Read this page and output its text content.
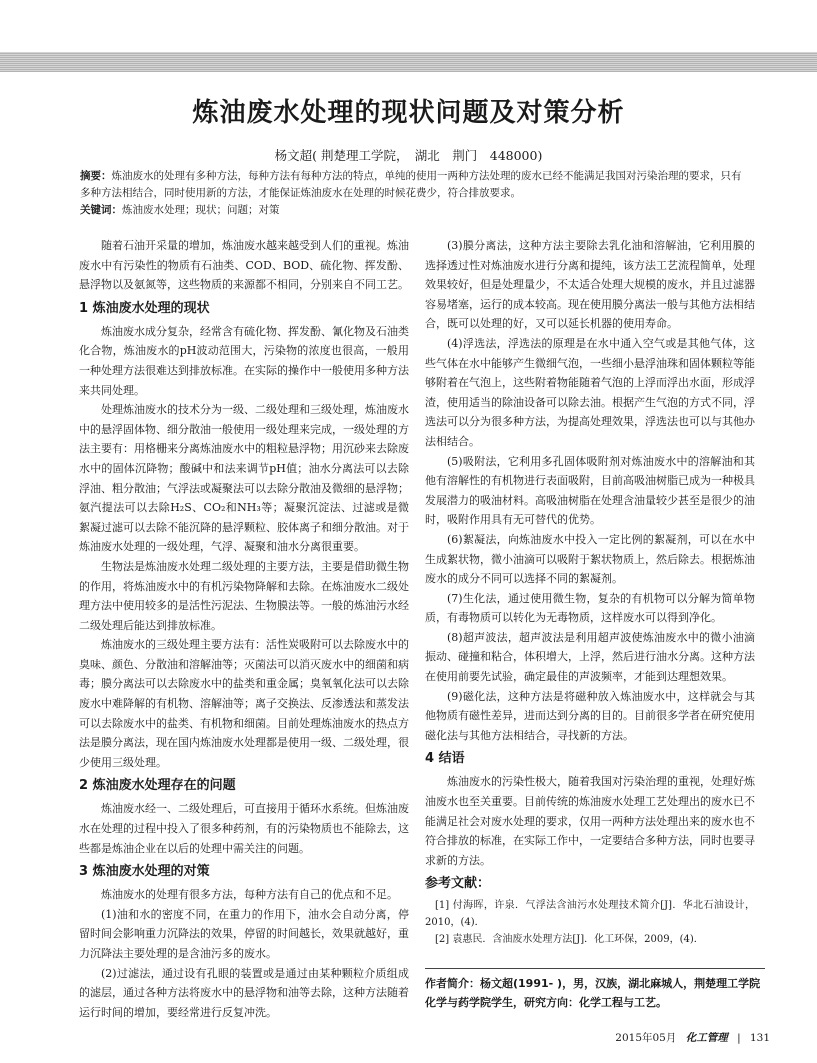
炼油废水处理的现状问题及对策分析
杨文超( 荆楚理工学院，　湖北　荆门　448000)
摘要：炼油废水的处理有多种方法，每种方法有每种方法的特点，单纯的使用一两种方法处理的废水已经不能满足我国对污染治理的要求，只有多种方法相结合，同时使用新的方法，才能保证炼油废水在处理的时候花费少，符合排放要求。
关键词：炼油废水处理；现状；问题；对策

随着石油开采量的增加，炼油废水越来越受到人们的重视。炼油废水中有污染性的物质有石油类、COD、BOD、硫化物、挥发酚、悬浮物以及氨氮等，这些物质的来源都不相同，分别来自不同工艺。

1 炼油废水处理的现状

炼油废水成分复杂，经常含有硫化物、挥发酚、氰化物及石油类化合物，炼油废水的pH波动范围大，污染物的浓度也很高，一般用一种处理方法很难达到排放标准。在实际的操作中一般使用多种方法来共同处理。

处理炼油废水的技术分为一级、二级处理和三级处理，炼油废水中的悬浮固体物、细分散油一般使用一级处理来完成，一级处理的方法主要有：用格栅来分离炼油废水中的粗粒悬浮物；用沉砂来去除废水中的固体沉降物；酸碱中和法来调节pH值；油水分离法可以去除浮油、粗分散油；气浮法或凝聚法可以去除分散油及微细的悬浮物；氨汽提法可以去除H₂S、CO₂和NH₃等；凝聚沉淀法、过滤或是微絮凝过滤可以去除不能沉降的悬浮颗粒、胶体离子和细分散油。对于炼油废水处理的一级处理，气浮、凝聚和油水分离很重要。

生物法是炼油废水处理二级处理的主要方法，主要是借助微生物的作用，将炼油废水中的有机污染物降解和去除。在炼油废水二级处理方法中使用较多的是活性污泥法、生物膜法等。一般的炼油污水经二级处理后能达到排放标准。

炼油废水的三级处理主要方法有：活性炭吸附可以去除废水中的臭味、颜色、分散油和溶解油等；灭菌法可以消灭废水中的细菌和病毒；膜分离法可以去除废水中的盐类和重金属；臭氧氧化法可以去除废水中难降解的有机物、溶解油等；离子交换法、反渗透法和蒸发法可以去除废水中的盐类、有机物和细菌。目前处理炼油废水的热点方法是膜分离法，现在国内炼油废水处理都是使用一级、二级处理，很少使用三级处理。

2 炼油废水处理存在的问题

炼油废水经一、二级处理后，可直接用于循环水系统。但炼油废水在处理的过程中投入了很多种药剂，有的污染物质也不能除去，这些都是炼油企业在以后的处理中需关注的问题。

3 炼油废水处理的对策

炼油废水的处理有很多方法，每种方法有自己的优点和不足。

(1)油和水的密度不同，在重力的作用下，油水会自动分离，停留时间会影响重力沉降法的效果，停留的时间越长，效果就越好，重力沉降法主要处理的是含油污多的废水。

(2)过滤法，通过设有孔眼的装置或是通过由某种颗粒介质组成的滤层，通过各种方法将废水中的悬浮物和油等去除，这种方法随着运行时间的增加，要经常进行反复冲洗。

(3)膜分离法，这种方法主要除去乳化油和溶解油，它利用膜的选择透过性对炼油废水进行分离和提纯，该方法工艺流程简单，处理效果较好，但是处理量少，不太适合处理大规模的废水，并且过滤器容易堵塞，运行的成本较高。现在使用膜分离法一般与其他方法相结合，既可以处理的好，又可以延长机器的使用寿命。

(4)浮选法，浮选法的原理是在水中通入空气或是其他气体，这些气体在水中能够产生微细气泡，一些细小悬浮油珠和固体颗粒等能够附着在气泡上，这些附着物能随着气泡的上浮而浮出水面，形成浮渣，使用适当的除油设备可以除去油。根据产生气泡的方式不同，浮选法可以分为很多种方法，为提高处理效果，浮选法也可以与其他办法相结合。

(5)吸附法，它利用多孔固体吸附剂对炼油废水中的溶解油和其他有溶解性的有机物进行表面吸附，目前高吸油树脂已成为一种极具发展潜力的吸油材料。高吸油树脂在处理含油量较少甚至是很少的油时，吸附作用具有无可替代的优势。

(6)絮凝法，向炼油废水中投入一定比例的絮凝剂，可以在水中生成絮状物，微小油滴可以吸附于絮状物质上，然后除去。根据炼油废水的成分不同可以选择不同的絮凝剂。

(7)生化法，通过使用微生物，复杂的有机物可以分解为简单物质，有毒物质可以转化为无毒物质，这样废水可以得到净化。

(8)超声波法，超声波法是利用超声波使炼油废水中的微小油滴振动、碰撞和粘合，体积增大，上浮，然后进行油水分离。这种方法在使用前要先试验，确定最佳的声波频率，才能到达理想效果。

(9)磁化法，这种方法是将磁种放入炼油废水中，这样就会与其他物质有磁性差异，进而达到分离的目的。目前很多学者在研究使用磁化法与其他方法相结合，寻找新的方法。

4 结语

炼油废水的污染性极大，随着我国对污染治理的重视，处理好炼油废水也至关重要。目前传统的炼油废水处理工艺处理出的废水已不能满足社会对废水处理的要求，仅用一两种方法处理出来的废水也不符合排放的标准，在实际工作中，一定要结合多种方法，同时也要寻求新的方法。

参考文献：

[1] 付海晖，许泉．气浮法含油污水处理技术简介[J]．华北石油设计，2010，(4)．

[2] 袁惠民．含油废水处理方法[J]．化工环保，2009，(4)．

作者简介：杨文超(1991- )，男，汉族，湖北麻城人，荆楚理工学院化学与药学院学生，研究方向：化学工程与工艺。
2015年05月 化工管理 | 131
